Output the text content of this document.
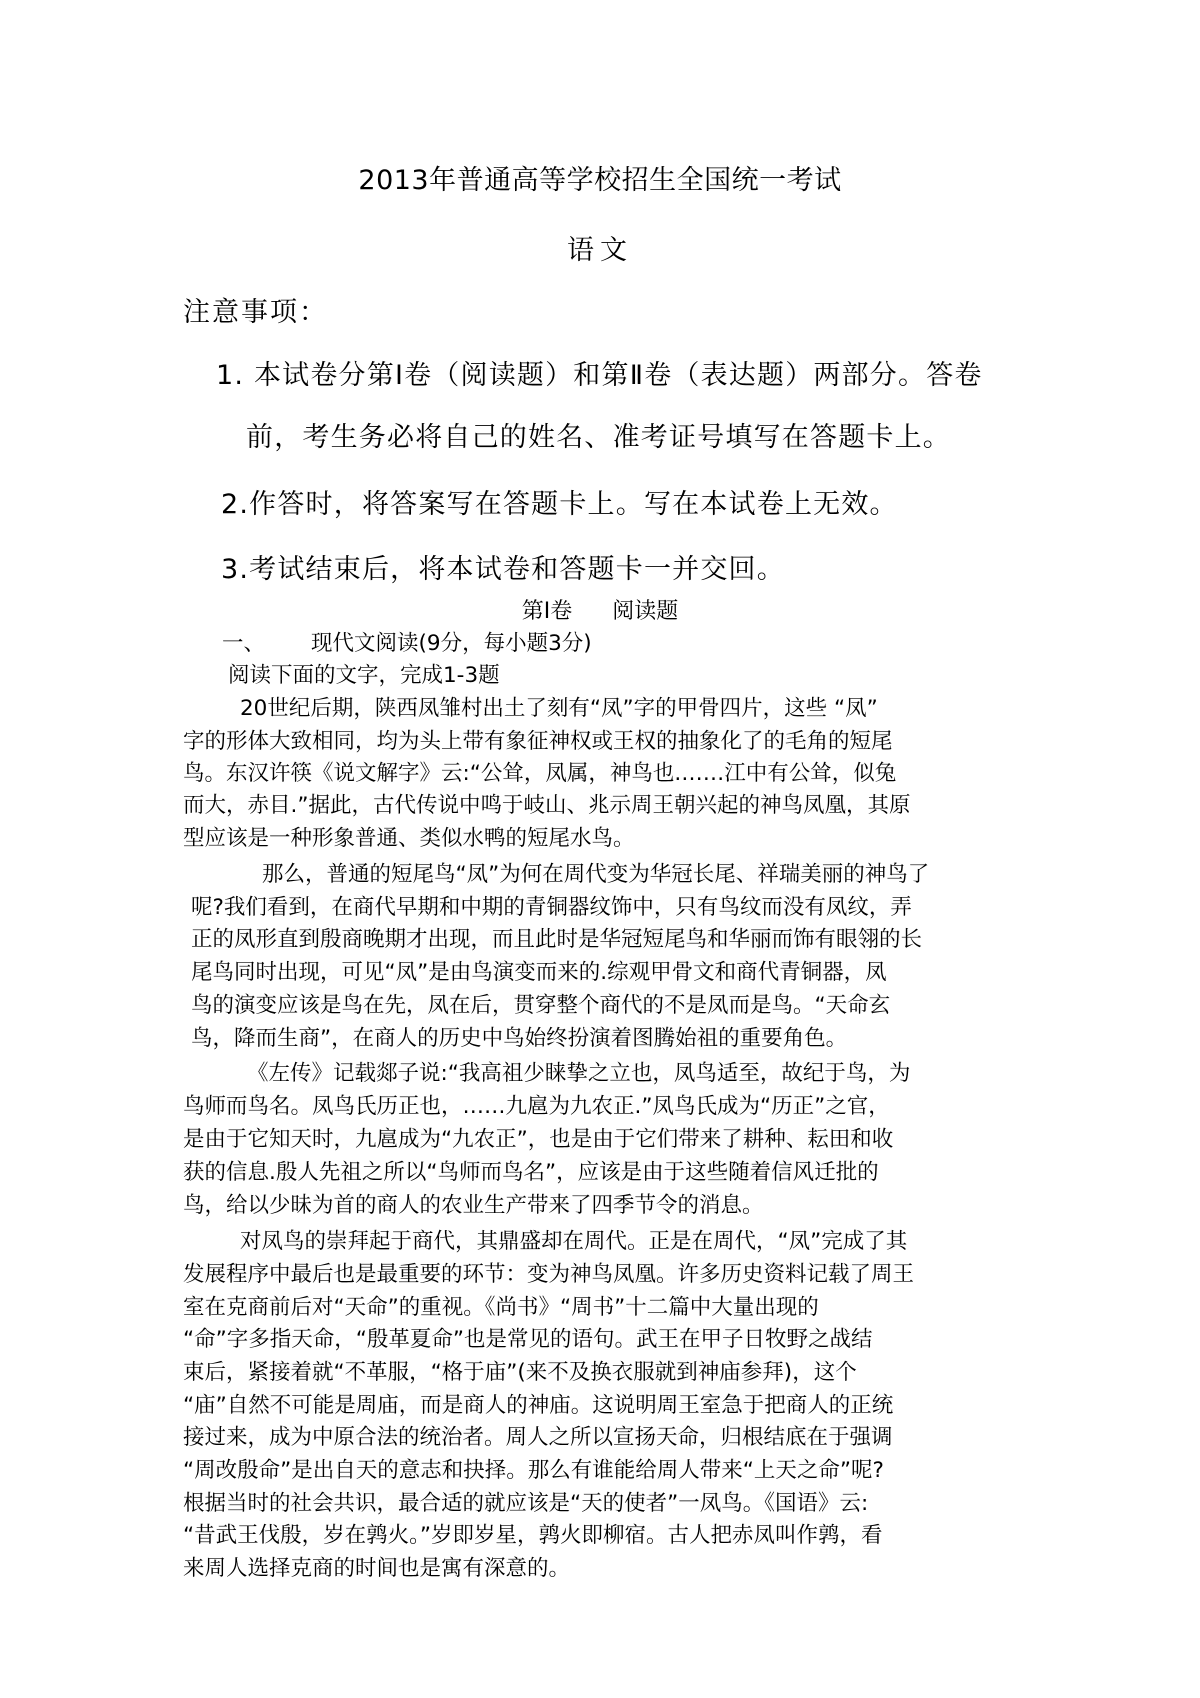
2013年普通高等学校招生全国统一考试
语文
注意事项：
1. 本试卷分第Ⅰ卷（阅读题）和第Ⅱ卷（表达题）两部分。答卷
前，考生务必将自己的姓名、准考证号填写在答题卡上。
2.作答时，将答案写在答题卡上。写在本试卷上无效。
3.考试结束后，将本试卷和答题卡一并交回。
第Ⅰ卷 阅读题
一、 现代文阅读(9分，每小题3分)
阅读下面的文字，完成1-3题
20世纪后期，陕西凤雏村出土了刻有“凤”字的甲骨四片，这些 “凤”
字的形体大致相同，均为头上带有象征神权或王权的抽象化了的毛角的短尾
鸟。东汉许筷《说文解字》云:“公耸，凤属，神鸟也.……江中有公耸，似兔
而大，赤目.”据此，古代传说中鸣于岐山、兆示周王朝兴起的神鸟凤凰，其原
型应该是一种形象普通、类似水鸭的短尾水鸟。
那么，普通的短尾鸟“凤”为何在周代变为华冠长尾、祥瑞美丽的神鸟了
呢?我们看到，在商代早期和中期的青铜器纹饰中，只有鸟纹而没有凤纹，弄
正的凤形直到殷商晚期才出现，而且此时是华冠短尾鸟和华丽而饰有眼翎的长
尾鸟同时出现，可见“凤”是由鸟演变而来的.综观甲骨文和商代青铜器，凤
鸟的演变应该是鸟在先，凤在后，贯穿整个商代的不是凤而是鸟。“天命玄
鸟，降而生商”，在商人的历史中鸟始终扮演着图腾始祖的重要角色。
《左传》记载郯子说:“我高祖少睐挚之立也，凤鸟适至，故纪于鸟，为
鸟师而鸟名。凤鸟氏历正也，……九扈为九农正.”凤鸟氏成为“历正”之官，
是由于它知天时，九扈成为“九农正”，也是由于它们带来了耕种、耘田和收
获的信息.殷人先祖之所以“鸟师而鸟名”，应该是由于这些随着信风迁批的
鸟，给以少昧为首的商人的农业生产带来了四季节令的消息。
对凤鸟的崇拜起于商代，其鼎盛却在周代。正是在周代，“凤”完成了其
发展程序中最后也是最重要的环节：变为神鸟凤凰。许多历史资料记载了周王
室在克商前后对“天命”的重视。《尚书》“周书”十二篇中大量出现的
“命”字多指天命，“殷革夏命”也是常见的语句。武王在甲子日牧野之战结
束后，紧接着就“不革服，“格于庙”(来不及换衣服就到神庙参拜)，这个
“庙”自然不可能是周庙，而是商人的神庙。这说明周王室急于把商人的正统
接过来，成为中原合法的统治者。周人之所以宣扬天命，归根结底在于强调
“周改殷命”是出自天的意志和抉择。那么有谁能给周人带来“上天之命”呢?
根据当时的社会共识，最合适的就应该是“天的使者”一凤鸟。《国语》云:
“昔武王伐殷，岁在鹑火。”岁即岁星，鹑火即柳宿。古人把赤凤叫作鹑，看
来周人选择克商的时间也是寓有深意的。
